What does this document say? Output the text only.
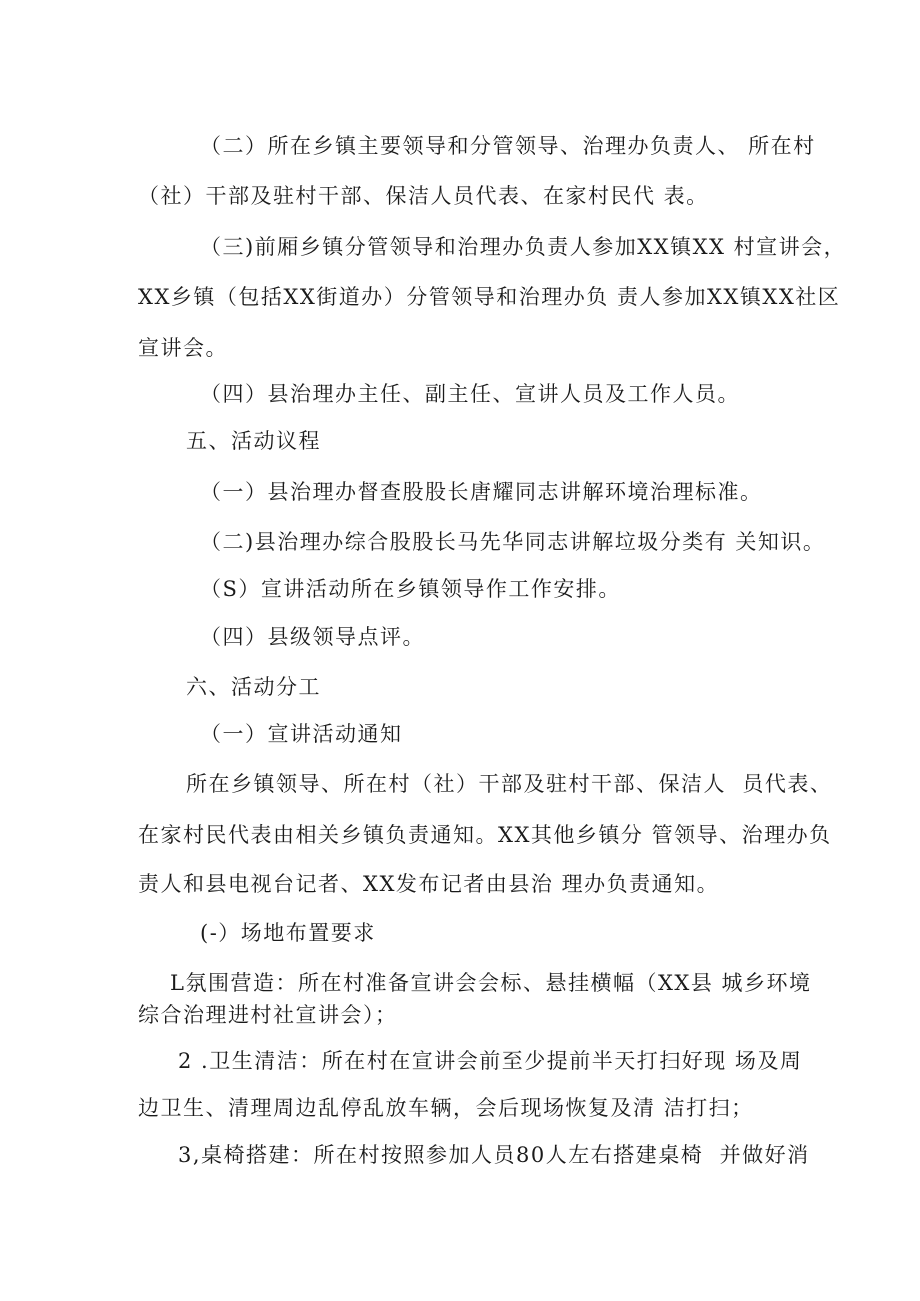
（二）所在乡镇主要领导和分管领导、治理办负责人、 所在村
（社）干部及驻村干部、保洁人员代表、在家村民代 表。
（三)前厢乡镇分管领导和治理办负责人参加XX镇XX 村宣讲会，
XX乡镇（包括XX街道办）分管领导和治理办负 责人参加XX镇XX社区
宣讲会。
（四）县治理办主任、副主任、宣讲人员及工作人员。
五、活动议程
（一）县治理办督查股股长唐耀同志讲解环境治理标准。
（二)县治理办综合股股长马先华同志讲解垃圾分类有 关知识。
（S）宣讲活动所在乡镇领导作工作安排。
（四）县级领导点评。
六、活动分工
（一）宣讲活动通知
所在乡镇领导、所在村（社）干部及驻村干部、保洁人  员代表、
在家村民代表由相关乡镇负责通知。XX其他乡镇分 管领导、治理办负
责人和县电视台记者、XX发布记者由县治 理办负责通知。
(-）场地布置要求
L氛围营造：所在村准备宣讲会会标、悬挂横幅（XX县 城乡环境
综合治理进村社宣讲会）；
2 .卫生清洁：所在村在宣讲会前至少提前半天打扫好现 场及周
边卫生、清理周边乱停乱放车辆，会后现场恢复及清 洁打扫；
3,桌椅搭建：所在村按照参加人员80人左右搭建桌椅  并做好消
